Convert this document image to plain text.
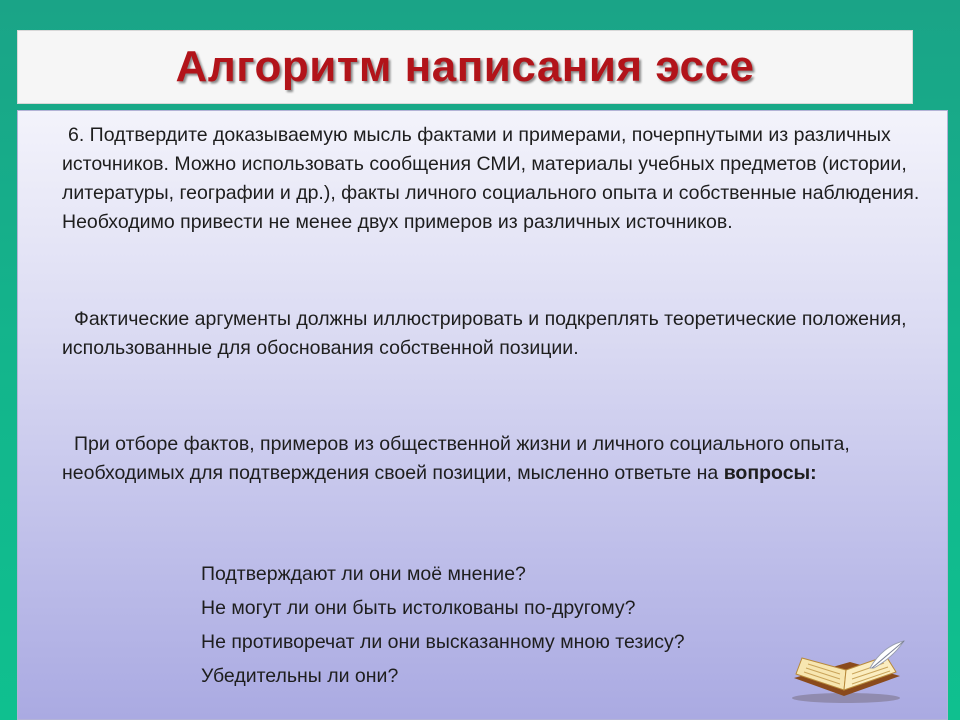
Алгоритм написания эссе
6. Подтвердите доказываемую мысль фактами и примерами, почерпнутыми из различных источников. Можно использовать сообщения СМИ, материалы учебных предметов (истории, литературы, географии и др.), факты личного социального опыта и собственные наблюдения. Необходимо привести не менее двух примеров из различных источников.
Фактические аргументы должны иллюстрировать и подкреплять теоретические положения, использованные для обоснования собственной позиции.
При отборе фактов, примеров из общественной жизни и личного социального опыта, необходимых для подтверждения своей позиции, мысленно ответьте на вопросы:
Подтверждают ли они моё мнение?
Не могут ли они быть истолкованы по-другому?
Не противоречат ли они высказанному мною тезису?
Убедительны ли они?
